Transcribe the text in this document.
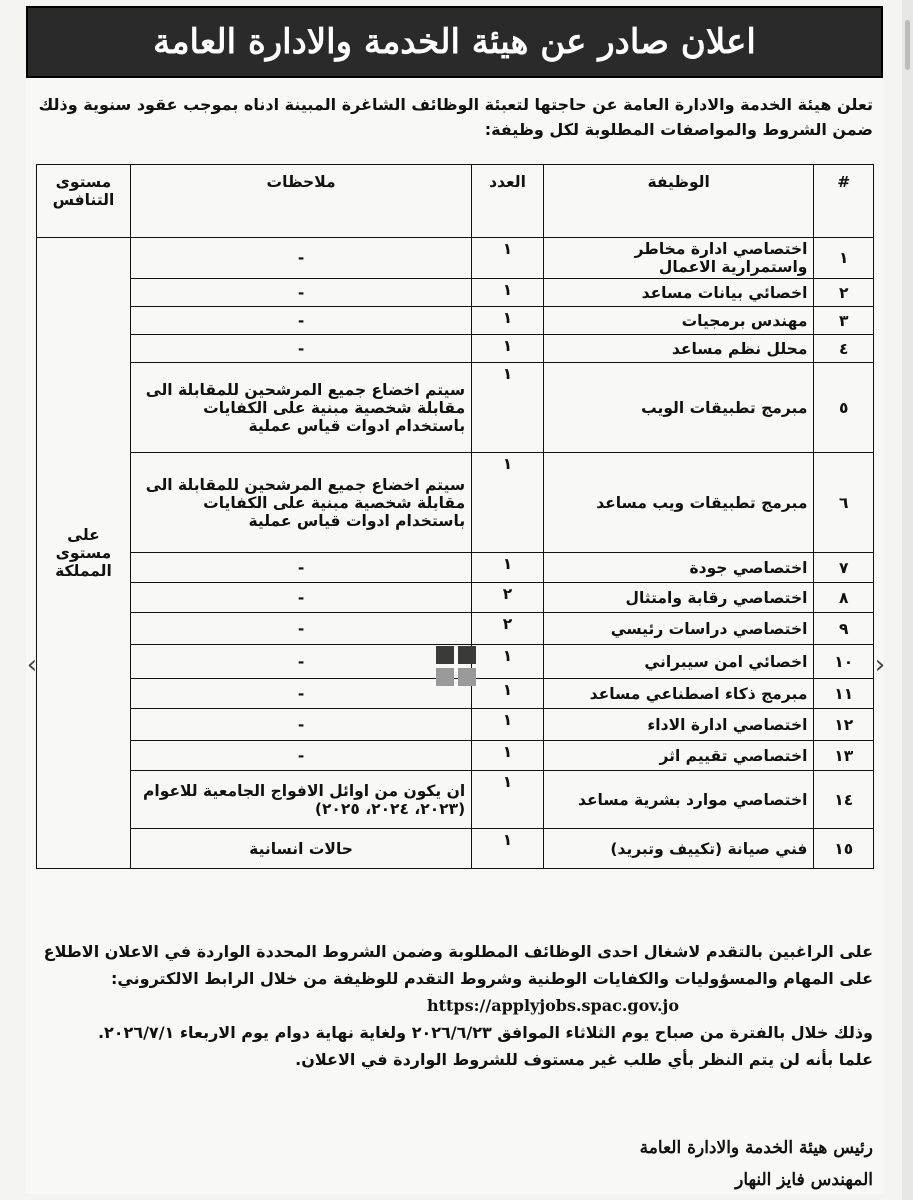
اعلان صادر عن هيئة الخدمة والادارة العامة
تعلن هيئة الخدمة والادارة العامة عن حاجتها لتعبئة الوظائف الشاغرة المبينة ادناه بموجب عقود سنوية وذلك ضمن الشروط والمواصفات المطلوبة لكل وظيفة:
#	الوظيفة	العدد	ملاحظات	مستوى التنافس
١	اختصاصي ادارة مخاطر واستمرارية الاعمال	١	-	على مستوى المملكة
٢	اخصائي بيانات مساعد	١	-	
٣	مهندس برمجيات	١	-	
٤	محلل نظم مساعد	١	-	
٥	مبرمج تطبيقات الويب	١	سيتم اخضاع جميع المرشحين للمقابلة الى مقابلة شخصية مبنية على الكفايات باستخدام ادوات قياس عملية	
٦	مبرمج تطبيقات ويب مساعد	١	سيتم اخضاع جميع المرشحين للمقابلة الى مقابلة شخصية مبنية على الكفايات باستخدام ادوات قياس عملية	
٧	اختصاصي جودة	١	-	
٨	اختصاصي رقابة وامتثال	٢	-	
٩	اختصاصي دراسات رئيسي	٢	-	
١٠	اخصائي امن سيبراني	١	-	
١١	مبرمج ذكاء اصطناعي مساعد	١	-	
١٢	اختصاصي ادارة الاداء	١	-	
١٣	اختصاصي تقييم اثر	١	-	
١٤	اختصاصي موارد بشرية مساعد	١	ان يكون من اوائل الافواج الجامعية للاعوام (٢٠٢٣، ٢٠٢٤، ٢٠٢٥)	
١٥	فني صيانة (تكييف وتبريد)	١	حالات انسانية	
على الراغبين بالتقدم لاشغال احدى الوظائف المطلوبة وضمن الشروط المحددة الواردة في الاعلان الاطلاع على المهام والمسؤوليات والكفايات الوطنية وشروط التقدم للوظيفة من خلال الرابط الالكتروني:
https://applyjobs.spac.gov.jo
وذلك خلال بالفترة من صباح يوم الثلاثاء الموافق ٢٠٢٦/٦/٢٣ ولغاية نهاية دوام يوم الاربعاء ٢٠٢٦/٧/١.
علما بأنه لن يتم النظر بأي طلب غير مستوف للشروط الواردة في الاعلان.
رئيس هيئة الخدمة والادارة العامة
المهندس فايز النهار
‹	›
